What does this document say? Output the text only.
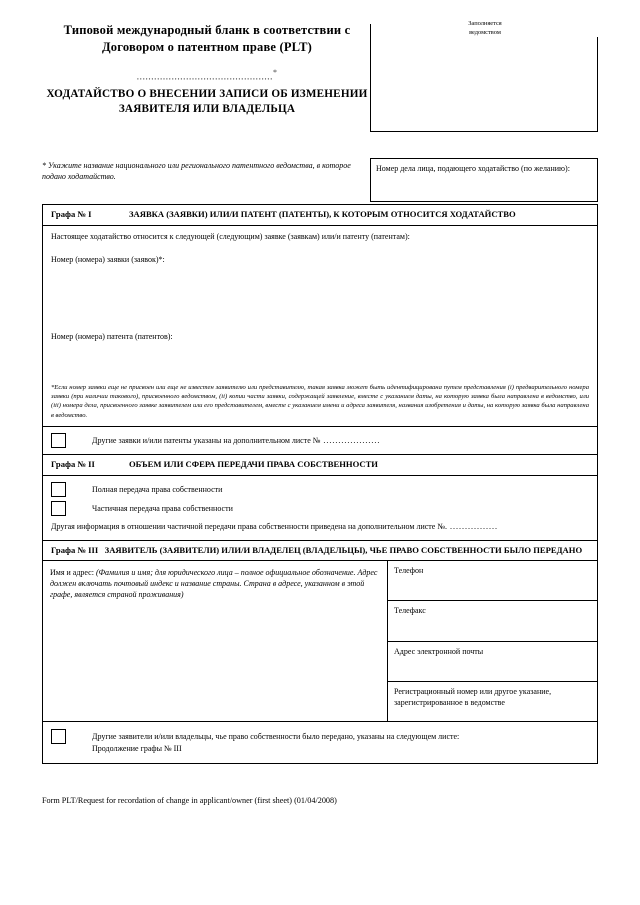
Типовой международный бланк в соответствии с Договором о патентном праве (PLT)
...............................................*
ХОДАТАЙСТВО О ВНЕСЕНИИ ЗАПИСИ ОБ ИЗМЕНЕНИИ ЗАЯВИТЕЛЯ ИЛИ ВЛАДЕЛЬЦА
Заполняется
ведомством
* Укажите название национального или регионального патентного ведомства, в которое подано ходатайство.
Номер дела лица, подающего ходатайство (по желанию):
Графа № I	ЗАЯВКА (ЗАЯВКИ) ИЛИ/И ПАТЕНТ (ПАТЕНТЫ), К КОТОРЫМ ОТНОСИТСЯ ХОДАТАЙСТВО
Настоящее ходатайство относится к следующей (следующим) заявке (заявкам) или/и патенту (патентам):
Номер (номера) заявки (заявок)*:
Номер (номера) патента (патентов):
*Если номер заявки еще не присвоен или еще не известен заявителю или представителю, такая заявка может быть идентифицирована путем представления (i) предварительного номера заявки (при наличии такового), присвоенного ведомством, (ii) копии части заявки, содержащей заявление, вместе с указанием даты, на которую заявка была направлена в ведомство, или (iii) номера дела, присвоенного заявке заявителем или его представителем, вместе с указанием имени и адреса заявителя, названия изобретения и даты, на которую заявка была направлена в ведомство.
Другие заявки и/или патенты указаны на дополнительном листе № ...................
Графа № II	ОБЪЕМ ИЛИ СФЕРА ПЕРЕДАЧИ ПРАВА СОБСТВЕННОСТИ
Полная передача права собственности
Частичная передача права собственности
Другая информация в отношении частичной передачи права собственности приведена на дополнительном листе №. ................
Графа № III ЗАЯВИТЕЛЬ (ЗАЯВИТЕЛИ) ИЛИ/И ВЛАДЕЛЕЦ (ВЛАДЕЛЬЦЫ), ЧЬЕ ПРАВО СОБСТВЕННОСТИ БЫЛО ПЕРЕДАНО
Имя и адрес: (Фамилия и имя; для юридического лица – полное официальное обозначение. Адрес должен включать почтовый индекс и название страны. Страна в адресе, указанном в этой графе, является страной проживания)
Телефон
Телефакс
Адрес электронной почты
Регистрационный номер или другое указание, зарегистрированное в ведомстве
Другие заявители и/или владельцы, чье право собственности было передано, указаны на следующем листе:
Продолжение графы № III
Form PLT/Request for recordation of change in applicant/owner (first sheet) (01/04/2008)
